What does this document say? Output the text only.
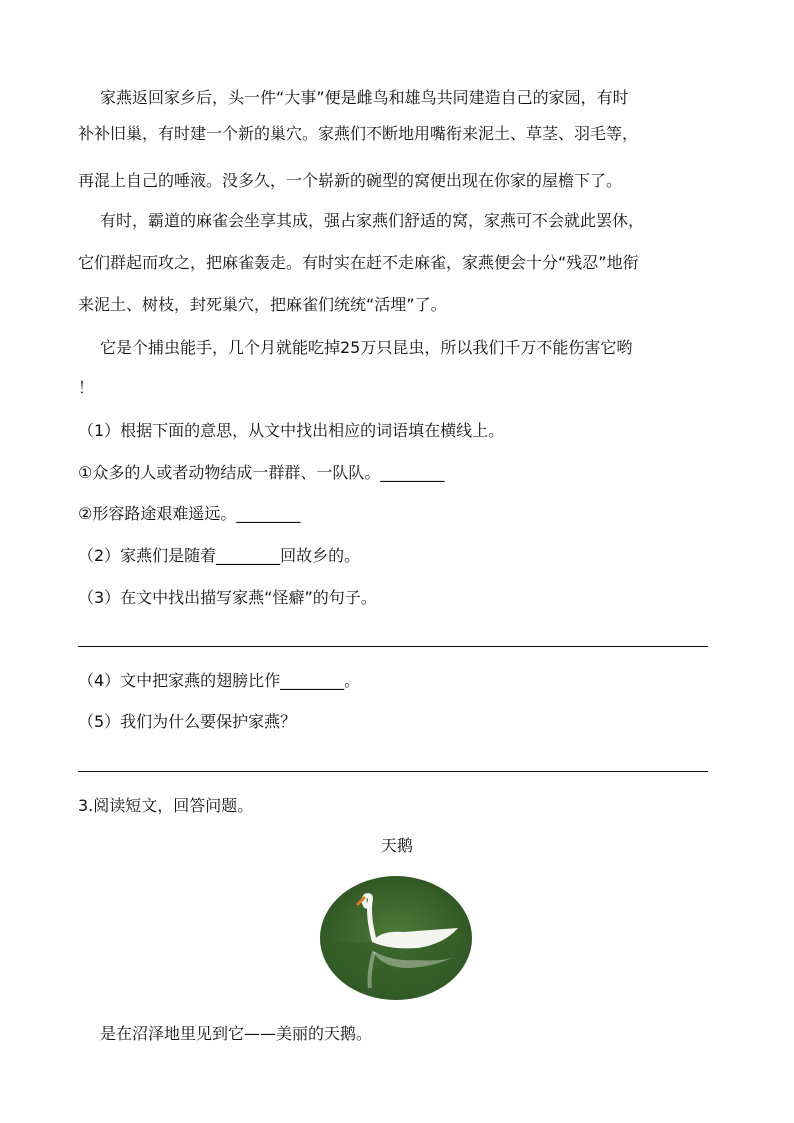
家燕返回家乡后，头一件“大事”便是雌鸟和雄鸟共同建造自己的家园，有时
补补旧巢，有时建一个新的巢穴。家燕们不断地用嘴衔来泥土、草茎、羽毛等，
再混上自己的唾液。没多久，一个崭新的碗型的窝便出现在你家的屋檐下了。
有时，霸道的麻雀会坐享其成，强占家燕们舒适的窝，家燕可不会就此罢休，
它们群起而攻之，把麻雀轰走。有时实在赶不走麻雀，家燕便会十分“残忍”地衔
来泥土、树枝，封死巢穴，把麻雀们统统“活埋”了。
它是个捕虫能手，几个月就能吃掉25万只昆虫，所以我们千万不能伤害它哟
！
（1）根据下面的意思，从文中找出相应的词语填在横线上。
①众多的人或者动物结成一群群、一队队。________
②形容路途艰难遥远。________
（2）家燕们是随着________回故乡的。
（3）在文中找出描写家燕“怪癖”的句子。
（4）文中把家燕的翅膀比作________。
（5）我们为什么要保护家燕？
3.阅读短文，回答问题。
天鹅
是在沼泽地里见到它——美丽的天鹅。
